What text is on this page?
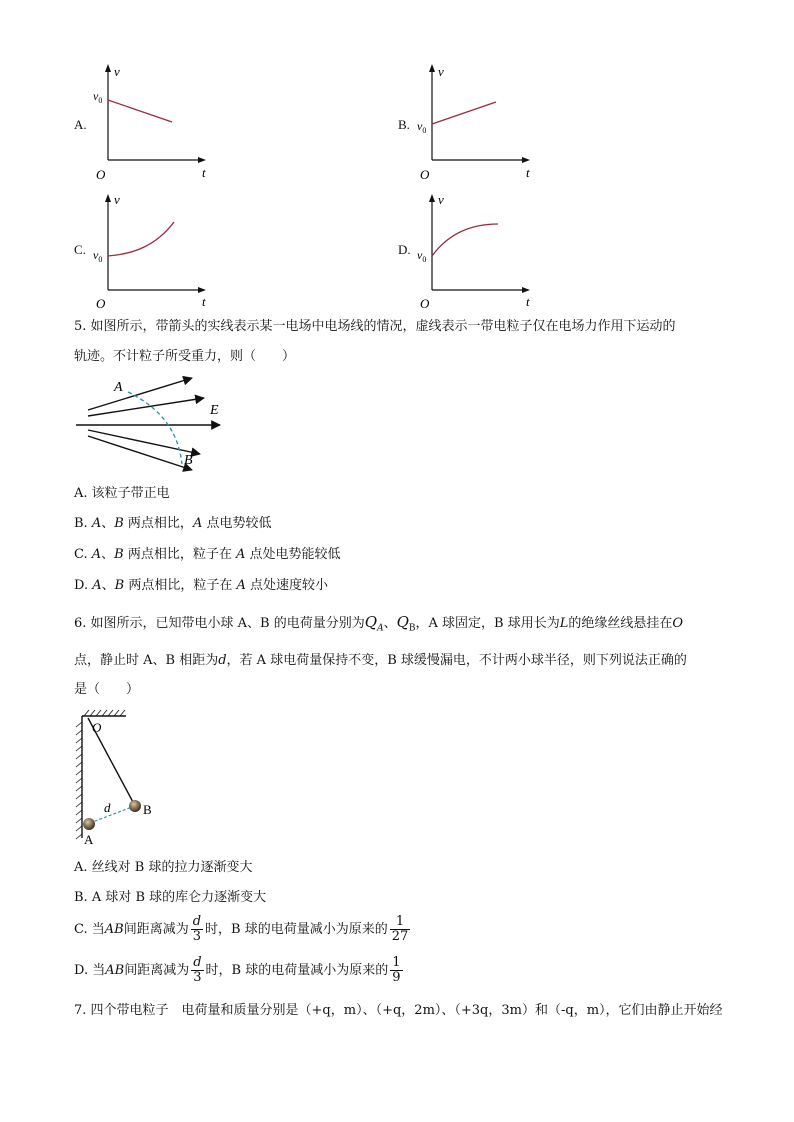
A.
v
t
O
$v_0$
B.
v
t
O
$v_0$
C.
v
t
O
$v_0$
D.
v
t
O
$v_0$
5. 如图所示，带箭头的实线表示某一电场中电场线的情况，虚线表示一带电粒子仅在电场力作用下运动的
轨迹。不计粒子所受重力，则（　　）
A
E
B
A. 该粒子带正电
B. A、B 两点相比，A 点电势较低
C. A、B 两点相比，粒子在 A 点处电势能较低
D. A、B 两点相比，粒子在 A 点处速度较小
6. 如图所示，已知带电小球 A、B 的电荷量分别为$Q_A$、$Q_B$，A 球固定，B 球用长为L的绝缘丝线悬挂在O
点，静止时 A、B 相距为d，若 A 球电荷量保持不变，B 球缓慢漏电，不计两小球半径，则下列说法正确的
是（　　）
O
d	B
A
A. 丝线对 B 球的拉力逐渐变大
B. A 球对 B 球的库仑力逐渐变大
C. 当AB间距离减为 $\frac{d}{3}$ 时，B 球的电荷量减小为原来的 $\frac{1}{27}$
D. 当AB间距离减为 $\frac{d}{3}$ 时，B 球的电荷量减小为原来的 $\frac{1}{9}$
7. 四个带电粒子　电荷量和质量分别是（+q，m）、（+q，2m）、（+3q，3m）和（-q，m），它们由静止开始经
